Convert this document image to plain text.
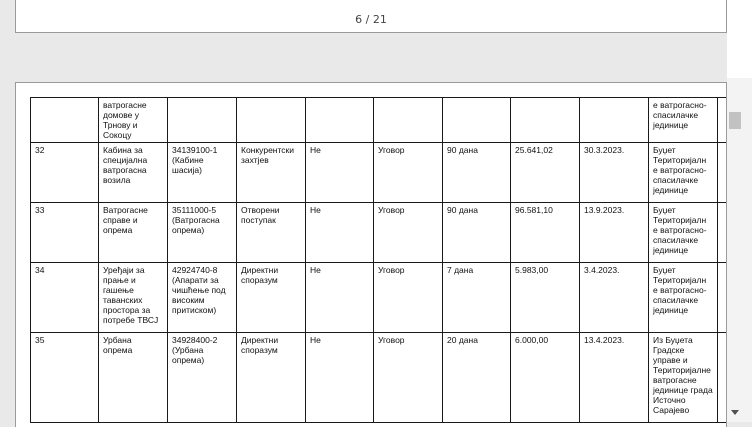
6 / 21
	ватрогасне домове у Трнову и Сокоцу								е ватрогасно-спасилачке јединице	
32	Кабина за специјална ватрогасна возила	34139100-1 (Кабине шасија)	Конкурентски захтјев	Не	Уговор	90 дана	25.641,02	30.3.2023.	Буџет Територијалн е ватрогасно-спасилачке јединице	
33	Ватрогасне справе и опрема	35111000-5 (Ватрогасна опрема)	Отворени поступак	Не	Уговор	90 дана	96.581,10	13.9.2023.	Буџет Територијалн е ватрогасно-спасилачке јединице	
34	Уређаји за прање и гашење таванских простора за потребе ТВСЈ	42924740-8 (Апарати за чишћење под високим притиском)	Директни споразум	Не	Уговор	7 дана	5.983,00	3.4.2023.	Буџет Територијалн е ватрогасно-спасилачке јединице	
35	Урбана опрема	34928400-2 (Урбана опрема)	Директни споразум	Не	Уговор	20 дана	6.000,00	13.4.2023.	Из Буџета Градске управе и Територијалне ватрогасне јединице града Источно Сарајево	
